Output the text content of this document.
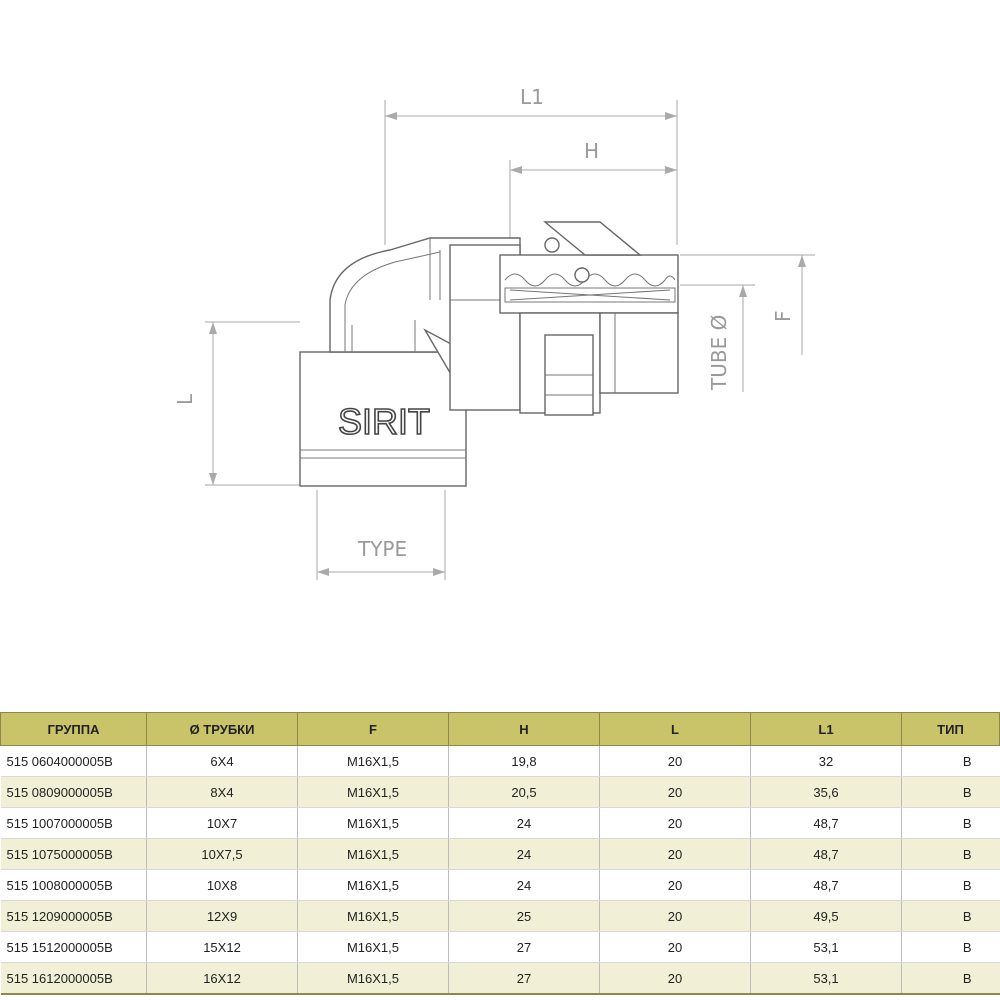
L1
H
L
F
TUBE Ø
TYPE
SIRIT
ГРУППА	Ø ТРУБКИ	F	H	L	L1	ТИП
515 0604000005B	6X4	M16X1,5	19,8	20	32	B
515 0809000005B	8X4	M16X1,5	20,5	20	35,6	B
515 1007000005B	10X7	M16X1,5	24	20	48,7	B
515 1075000005B	10X7,5	M16X1,5	24	20	48,7	B
515 1008000005B	10X8	M16X1,5	24	20	48,7	B
515 1209000005B	12X9	M16X1,5	25	20	49,5	B
515 1512000005B	15X12	M16X1,5	27	20	53,1	B
515 1612000005B	16X12	M16X1,5	27	20	53,1	B
